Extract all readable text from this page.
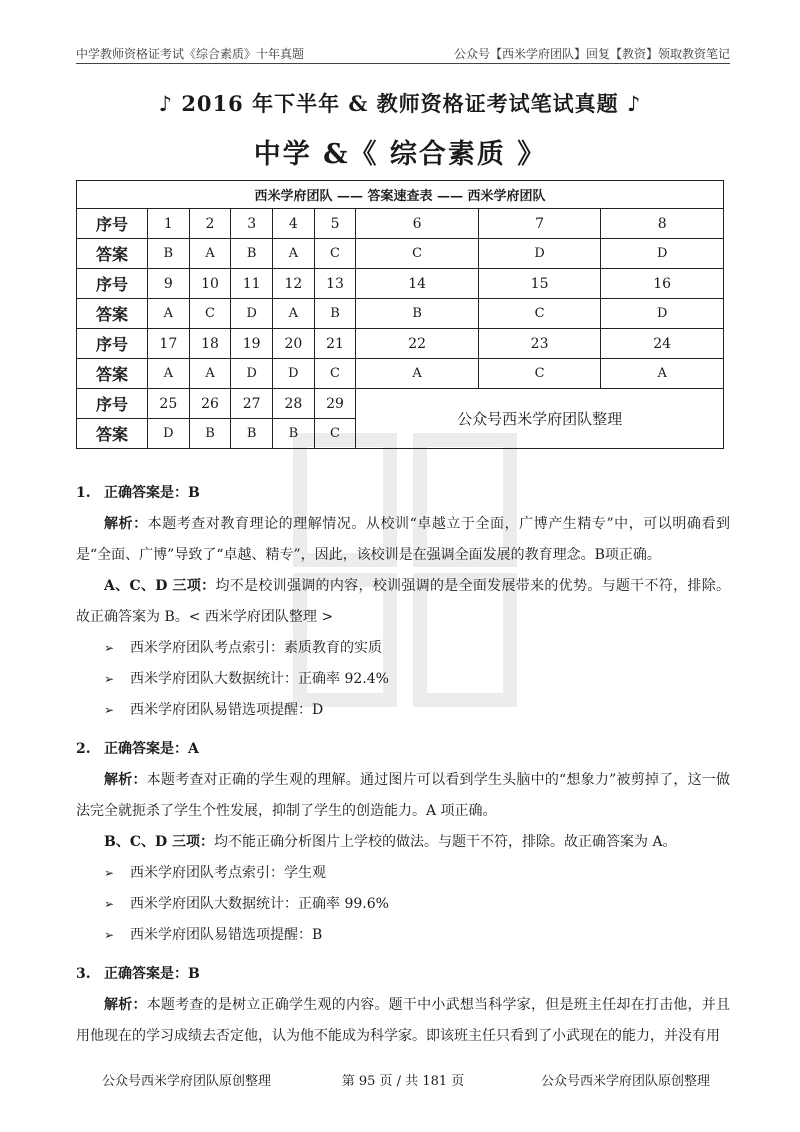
中学教师资格证考试《综合素质》十年真题	公众号【西米学府团队】回复【教资】领取教资笔记
♪ 2016 年下半年 & 教师资格证考试笔试真题 ♪
中学 &《 综合素质 》
西米学府团队 —— 答案速查表 —— 西米学府团队								
序号	1	2	3	4	5	6	7	8
答案	B	A	B	A	C	C	D	D
序号	9	10	11	12	13	14	15	16
答案	A	C	D	A	B	B	C	D
序号	17	18	19	20	21	22	23	24
答案	A	A	D	D	C	A	C	A
序号	25	26	27	28	29	公众号西米学府团队整理		
答案	D	B	B	B	C			
1. 正确答案是：B

解析：本题考查对教育理论的理解情况。从校训“卓越立于全面，广博产生精专”中，可以明确看到是“全面、广博”导致了“卓越、精专”，因此，该校训是在强调全面发展的教育理念。B项正确。

A、C、D 三项：均不是校训强调的内容，校训强调的是全面发展带来的优势。与题干不符，排除。故正确答案为 B。< 西米学府团队整理 >

➢ 西米学府团队考点索引：素质教育的实质
➢ 西米学府团队大数据统计：正确率 92.4%
➢ 西米学府团队易错选项提醒：D
2. 正确答案是：A

解析：本题考查对正确的学生观的理解。通过图片可以看到学生头脑中的“想象力”被剪掉了，这一做法完全就扼杀了学生个性发展，抑制了学生的创造能力。A 项正确。

B、C、D 三项：均不能正确分析图片上学校的做法。与题干不符，排除。故正确答案为 A。

➢ 西米学府团队考点索引：学生观
➢ 西米学府团队大数据统计：正确率 99.6%
➢ 西米学府团队易错选项提醒：B
3. 正确答案是：B

解析：本题考查的是树立正确学生观的内容。题干中小武想当科学家，但是班主任却在打击他，并且用他现在的学习成绩去否定他，认为他不能成为科学家。即该班主任只看到了小武现在的能力，并没有用

公众号西米学府团队原创整理	第 95 页 / 共 181 页	公众号西米学府团队原创整理
